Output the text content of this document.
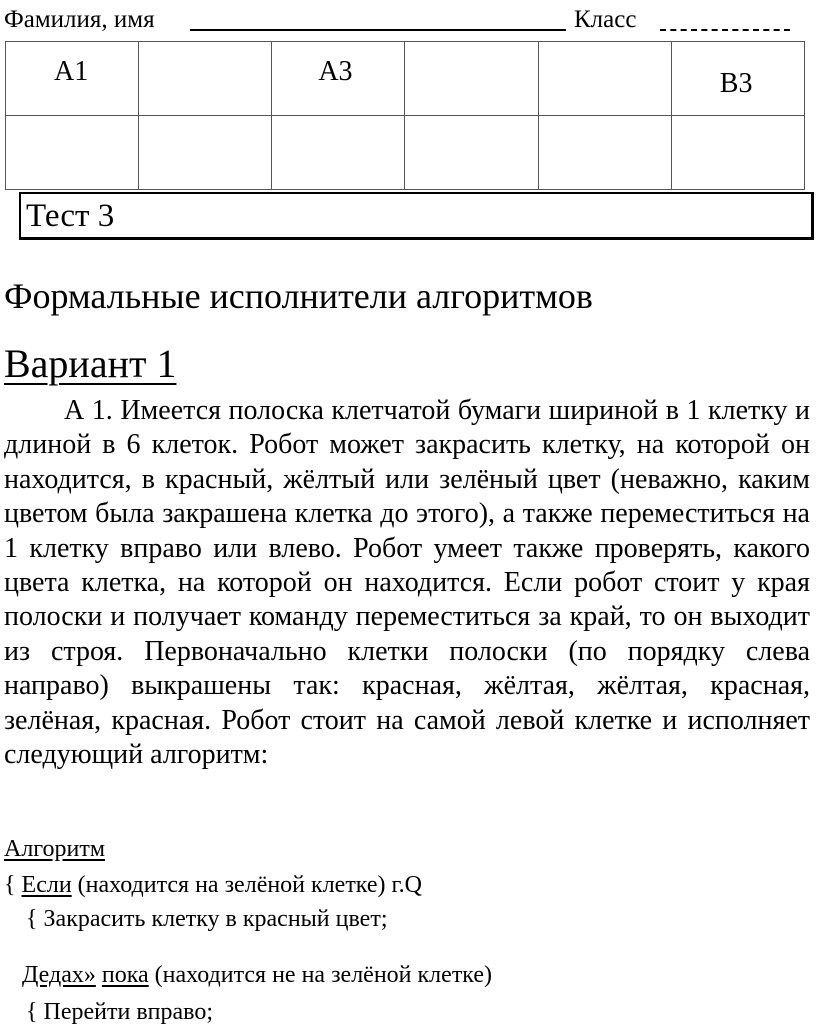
Фамилия, имя	Класс
А1		А3			В3

Тест 3
Формальные исполнители алгоритмов
Вариант 1

А 1. Имеется полоска клетчатой бумаги шириной в 1 клетку и длиной в 6 клеток. Робот может закрасить клетку, на которой он находится, в красный, жёлтый или зелёный цвет (неважно, каким цветом была закрашена клетка до этого), а также переместиться на 1 клетку вправо или влево. Робот умеет также проверять, какого цвета клетка, на которой он находится. Если робот стоит у края полоски и получает команду переместиться за край, то он выходит из строя. Первоначально клетки полоски (по порядку слева направо) выкрашены так: красная, жёлтая, жёлтая, красная, зелёная, красная. Робот стоит на самой левой клетке и исполняет следующий алгоритм:

Алгоритм
{ Если (находится на зелёной клетке) г.Q
{ Закрасить клетку в красный цвет;
Дедах» пока (находится не на зелёной клетке)
{ Перейти вправо;
